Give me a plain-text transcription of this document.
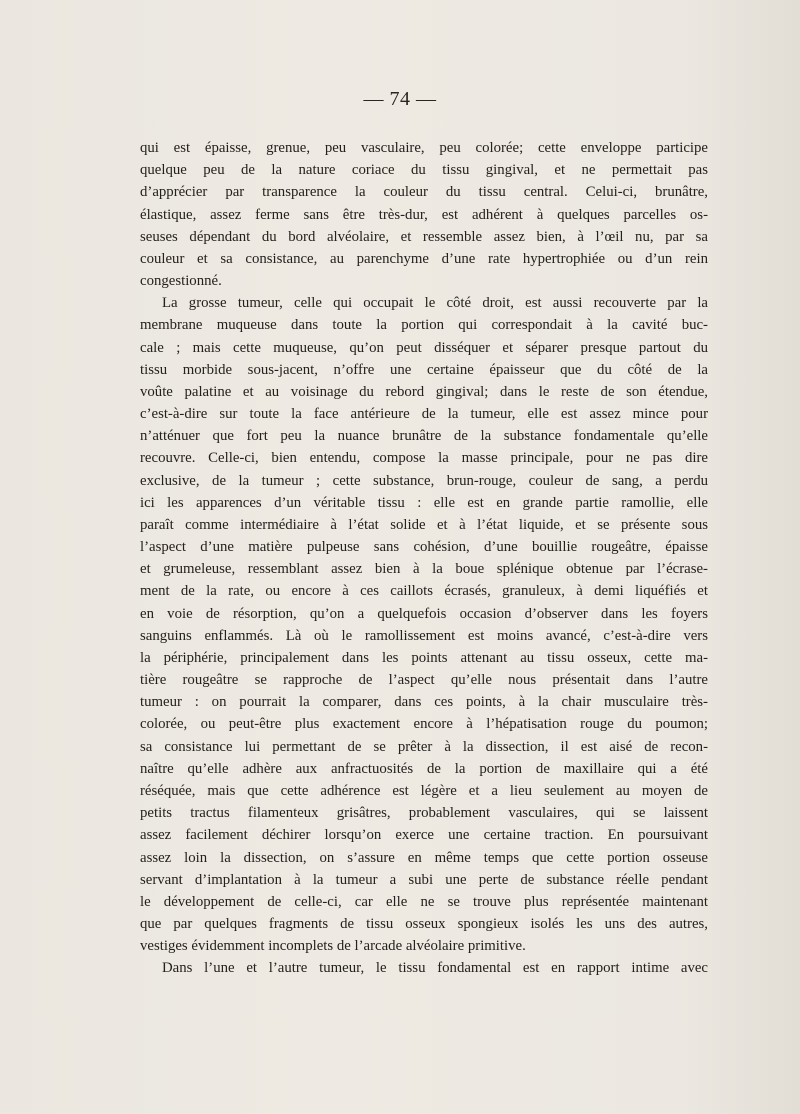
— 74 —
qui est épaisse, grenue, peu vasculaire, peu colorée; cette enveloppe participe
quelque peu de la nature coriace du tissu gingival, et ne permettait pas
d’apprécier par transparence la couleur du tissu central. Celui-ci, brunâtre,
élastique, assez ferme sans être très-dur, est adhérent à quelques parcelles os-
seuses dépendant du bord alvéolaire, et ressemble assez bien, à l’œil nu, par sa
couleur et sa consistance, au parenchyme d’une rate hypertrophiée ou d’un rein
congestionné.
La grosse tumeur, celle qui occupait le côté droit, est aussi recouverte par la
membrane muqueuse dans toute la portion qui correspondait à la cavité buc-
cale ; mais cette muqueuse, qu’on peut disséquer et séparer presque partout du
tissu morbide sous-jacent, n’offre une certaine épaisseur que du côté de la
voûte palatine et au voisinage du rebord gingival; dans le reste de son étendue,
c’est-à-dire sur toute la face antérieure de la tumeur, elle est assez mince pour
n’atténuer que fort peu la nuance brunâtre de la substance fondamentale qu’elle
recouvre. Celle-ci, bien entendu, compose la masse principale, pour ne pas dire
exclusive, de la tumeur ; cette substance, brun-rouge, couleur de sang, a perdu
ici les apparences d’un véritable tissu : elle est en grande partie ramollie, elle
paraît comme intermédiaire à l’état solide et à l’état liquide, et se présente sous
l’aspect d’une matière pulpeuse sans cohésion, d’une bouillie rougeâtre, épaisse
et grumeleuse, ressemblant assez bien à la boue splénique obtenue par l’écrase-
ment de la rate, ou encore à ces caillots écrasés, granuleux, à demi liquéfiés et
en voie de résorption, qu’on a quelquefois occasion d’observer dans les foyers
sanguins enflammés. Là où le ramollissement est moins avancé, c’est-à-dire vers
la périphérie, principalement dans les points attenant au tissu osseux, cette ma-
tière rougeâtre se rapproche de l’aspect qu’elle nous présentait dans l’autre
tumeur : on pourrait la comparer, dans ces points, à la chair musculaire très-
colorée, ou peut-être plus exactement encore à l’hépatisation rouge du poumon;
sa consistance lui permettant de se prêter à la dissection, il est aisé de recon-
naître qu’elle adhère aux anfractuosités de la portion de maxillaire qui a été
réséquée, mais que cette adhérence est légère et a lieu seulement au moyen de
petits tractus filamenteux grisâtres, probablement vasculaires, qui se laissent
assez facilement déchirer lorsqu’on exerce une certaine traction. En poursuivant
assez loin la dissection, on s’assure en même temps que cette portion osseuse
servant d’implantation à la tumeur a subi une perte de substance réelle pendant
le développement de celle-ci, car elle ne se trouve plus représentée maintenant
que par quelques fragments de tissu osseux spongieux isolés les uns des autres,
vestiges évidemment incomplets de l’arcade alvéolaire primitive.
Dans l’une et l’autre tumeur, le tissu fondamental est en rapport intime avec
